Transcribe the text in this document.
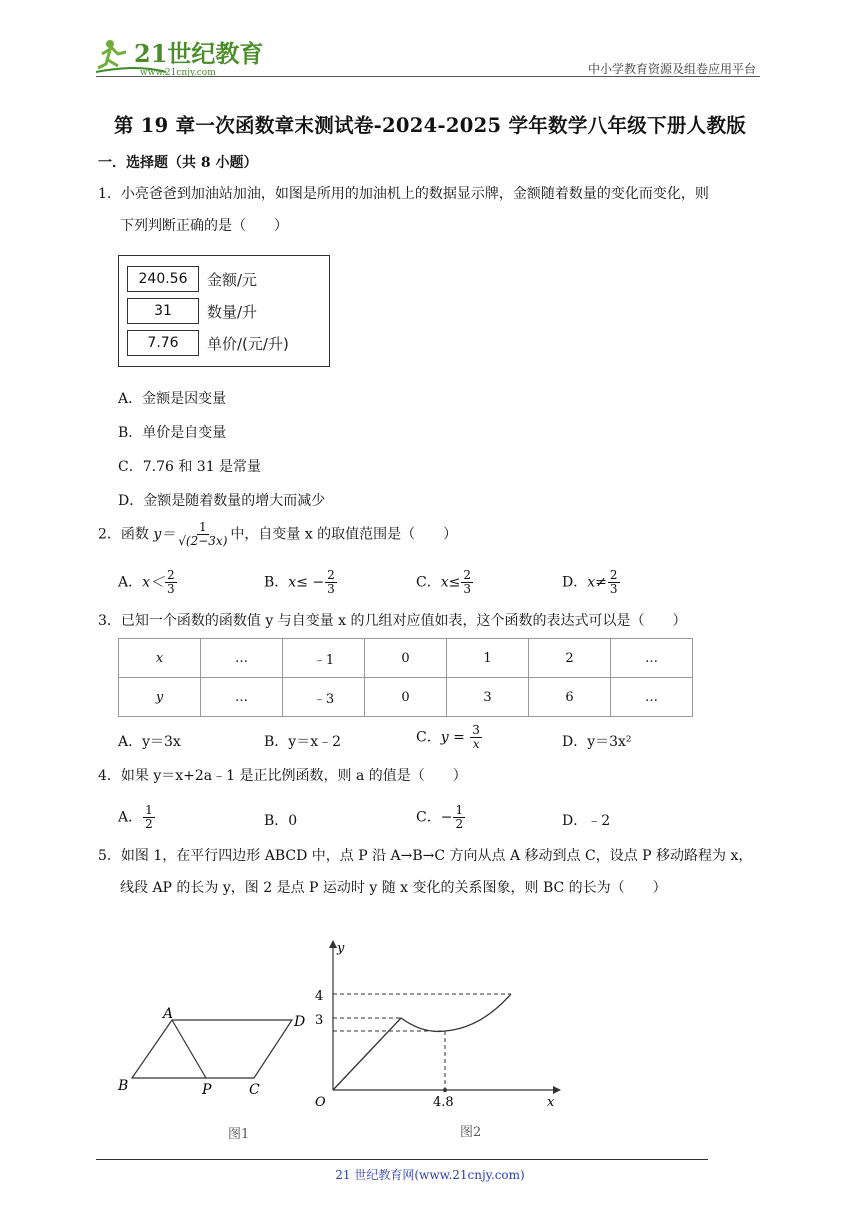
21世纪教育
www.21cnjy.com	中小学教育资源及组卷应用平台
第 19 章一次函数章末测试卷-2024-2025 学年数学八年级下册人教版
一．选择题（共 8 小题）
1．小亮爸爸到加油站加油，如图是所用的加油机上的数据显示牌，金额随着数量的变化而变化，则
下列判断正确的是（　　）
240.56	金额/元
31	数量/升
7.76	单价/(元/升)
A．金额是因变量
B．单价是自变量
C．7.76 和 31 是常量
D．金额是随着数量的增大而减少
2．函数 $y= \frac{1}{√(2-3x)}$ 中，自变量 x 的取值范围是（　　）
A．$x< \frac{2}{3}$	B．$x\le - \frac{2}{3}$	C．$x\le \frac{2}{3}$	D．$x\ne \frac{2}{3}$
3．已知一个函数的函数值 y 与自变量 x 的几组对应值如表，这个函数的表达式可以是（　　）
x	…	﹣1	0	1	2	…
y	…	﹣3	0	3	6	…
A．y＝3x	B．y＝x﹣2	C．$y = \frac{3}{x}$	D．y＝3x²
4．如果 y＝x+2a﹣1 是正比例函数，则 a 的值是（　　）
A． $\frac{1}{2}$	B．0	C．− $\frac{1}{2}$	D．﹣2
5．如图 1，在平行四边形 ABCD 中，点 P 沿 A→B→C 方向从点 A 移动到点 C，设点 P 移动路程为 x，
线段 AP 的长为 y，图 2 是点 P 运动时 y 随 x 变化的关系图象，则 BC 的长为（　　）
A	D
B	P	C
图1
y
x
O
4
3
4.8
图2
21 世纪教育网(www.21cnjy.com)
